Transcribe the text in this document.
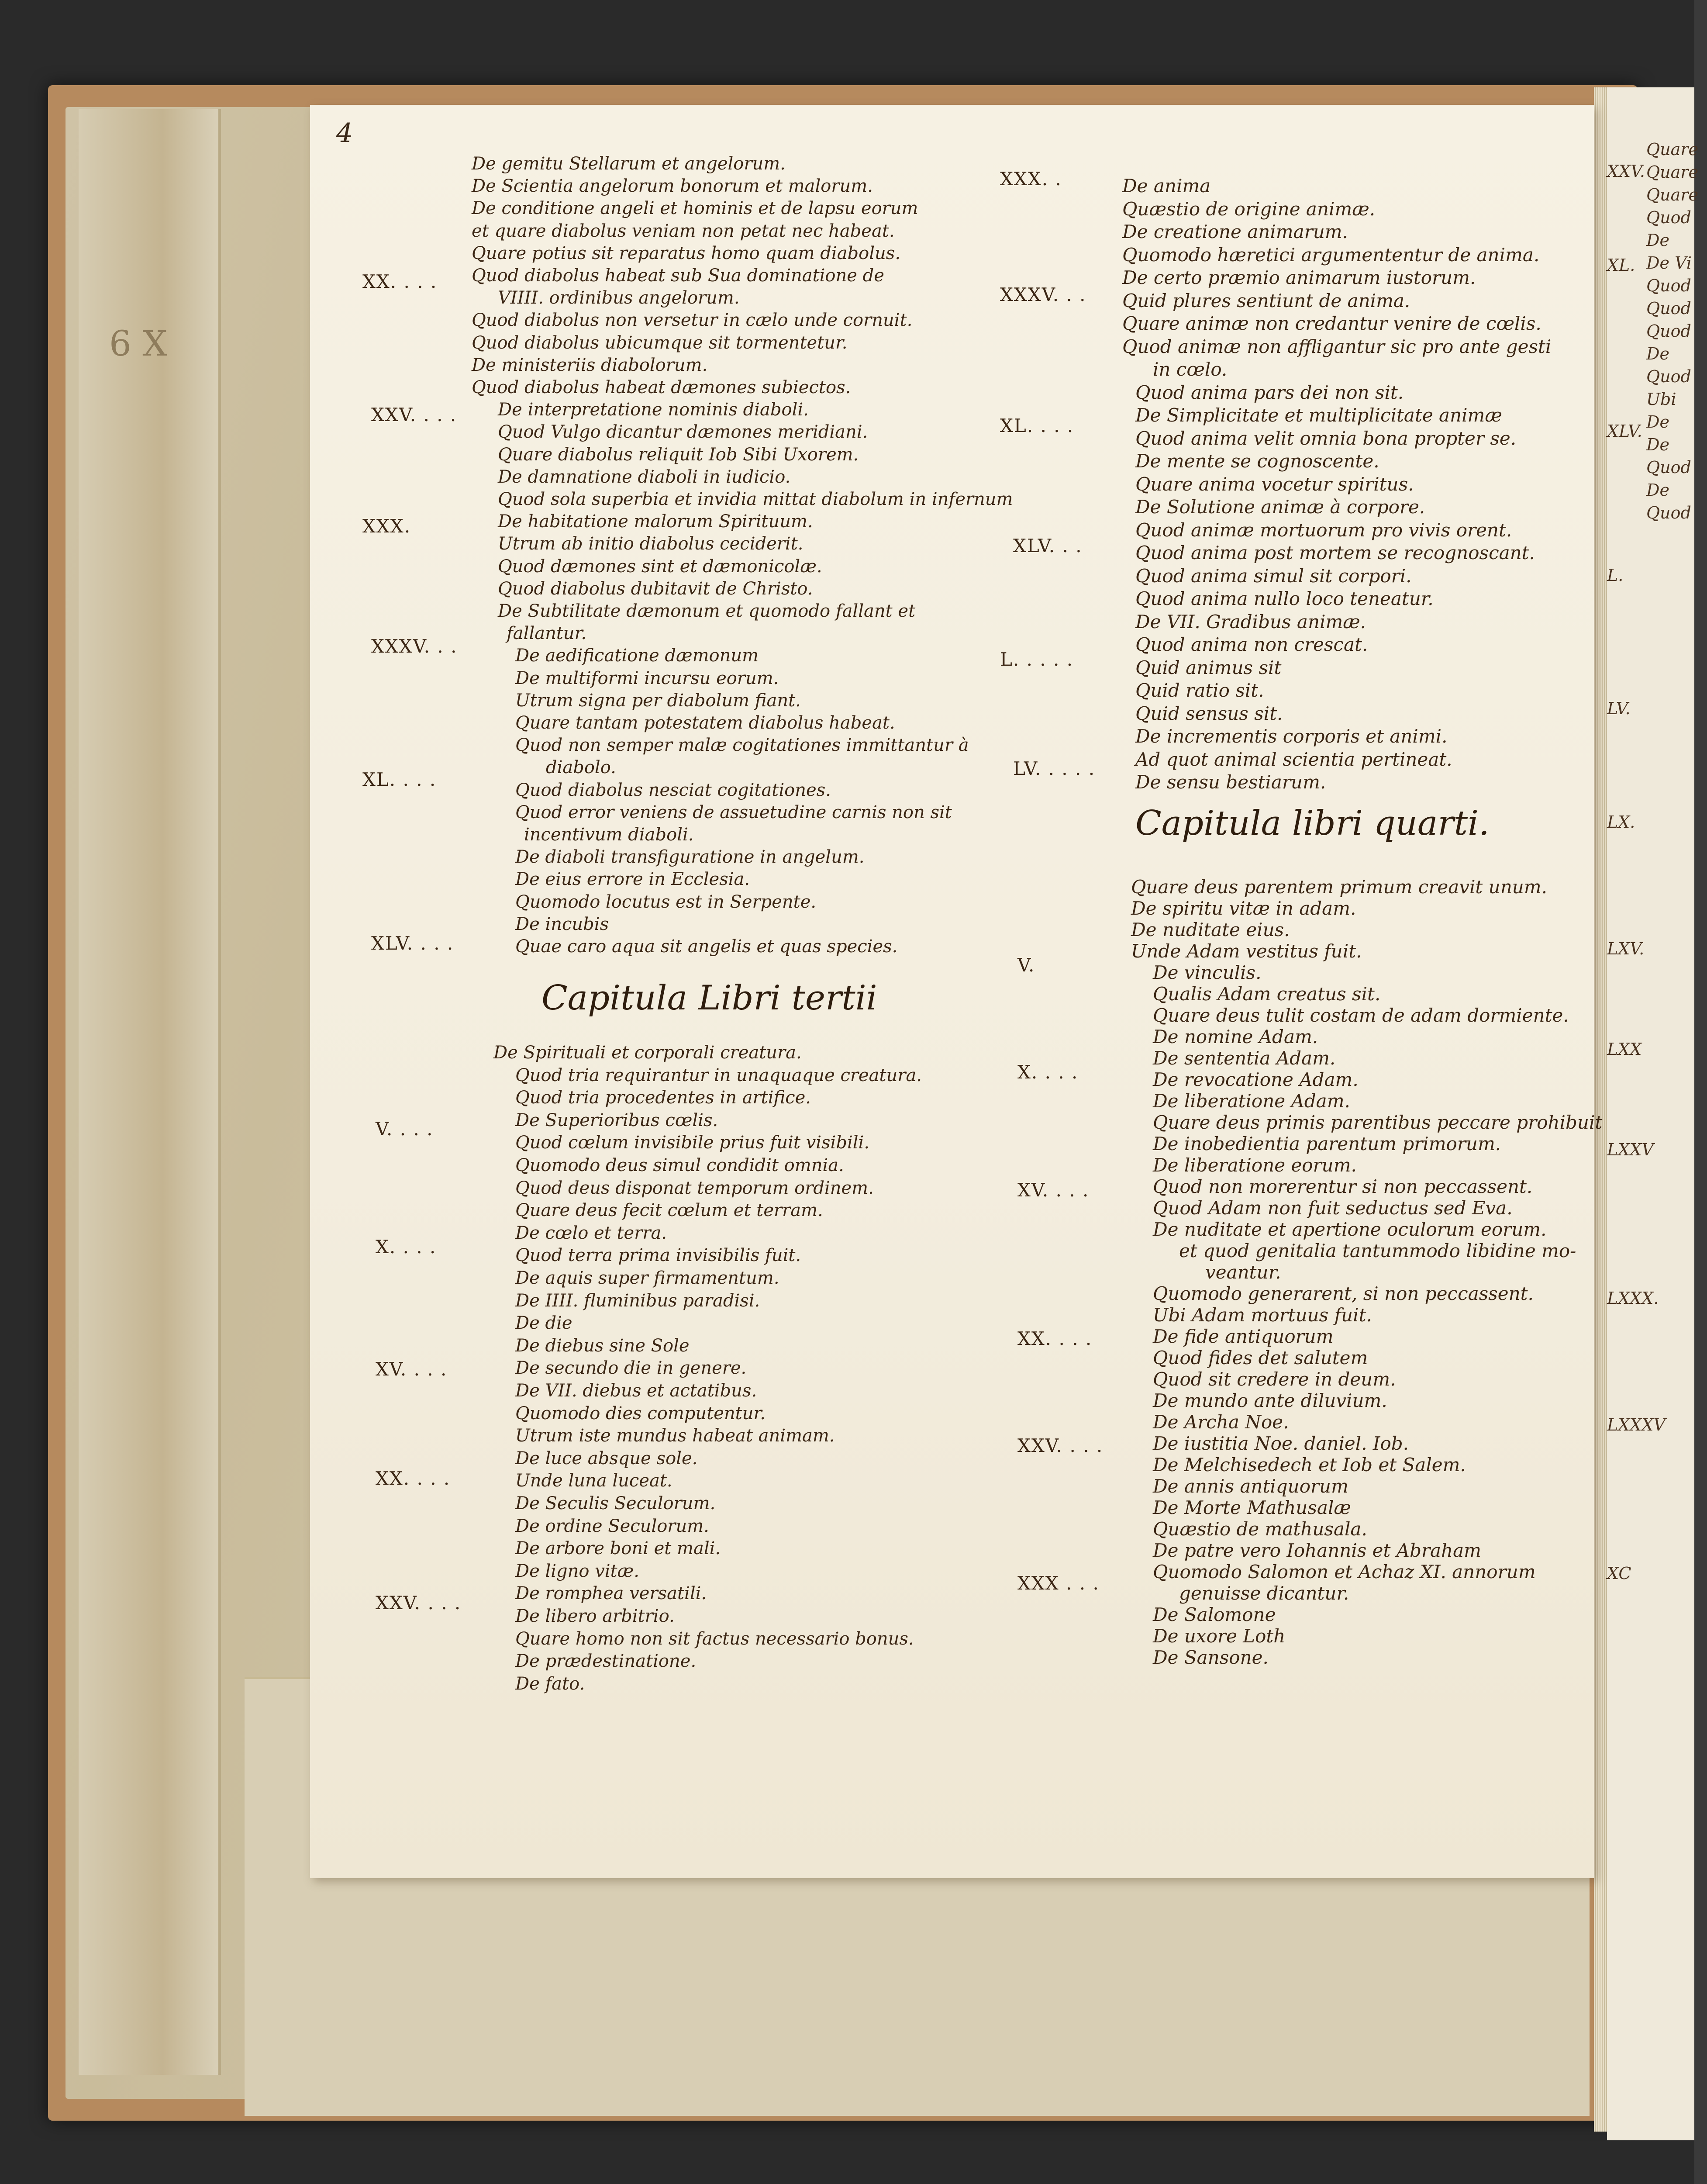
6 X
4
De gemitu Stellarum et angelorum.
De Scientia angelorum bonorum et malorum.
De conditione angeli et hominis et de lapsu eorum
et quare diabolus veniam non petat nec habeat.
Quare potius sit reparatus homo quam diabolus.
Quod diabolus habeat sub Sua dominatione de
VIIII. ordinibus angelorum.
Quod diabolus non versetur in cælo unde cornuit.
Quod diabolus ubicumque sit tormentetur.
De ministeriis diabolorum.
Quod diabolus habeat dæmones subiectos.
De interpretatione nominis diaboli.
Quod Vulgo dicantur dæmones meridiani.
Quare diabolus reliquit Iob Sibi Uxorem.
De damnatione diaboli in iudicio.
Quod sola superbia et invidia mittat diabolum in infernum
De habitatione malorum Spirituum.
Utrum ab initio diabolus ceciderit.
Quod dæmones sint et dæmonicolæ.
Quod diabolus dubitavit de Christo.
De Subtilitate dæmonum et quomodo fallant et
fallantur.
De aedificatione dæmonum
De multiformi incursu eorum.
Utrum signa per diabolum fiant.
Quare tantam potestatem diabolus habeat.
Quod non semper malæ cogitationes immittantur à
diabolo.
Quod diabolus nesciat cogitationes.
Quod error veniens de assuetudine carnis non sit
incentivum diaboli.
De diaboli transfiguratione in angelum.
De eius errore in Ecclesia.
Quomodo locutus est in Serpente.
De incubis
Quae caro aqua sit angelis et quas species.
XX. . . .
XXV. . . .
XXX.
XXXV. . .
XL. . . .
XLV. . . .
Capitula Libri tertii
De Spirituali et corporali creatura.
Quod tria requirantur in unaquaque creatura.
Quod tria procedentes in artifice.
De Superioribus cœlis.
Quod cœlum invisibile prius fuit visibili.
Quomodo deus simul condidit omnia.
Quod deus disponat temporum ordinem.
Quare deus fecit cœlum et terram.
De cœlo et terra.
Quod terra prima invisibilis fuit.
De aquis super firmamentum.
De IIII. fluminibus paradisi.
De die
De diebus sine Sole
De secundo die in genere.
De VII. diebus et actatibus.
Quomodo dies computentur.
Utrum iste mundus habeat animam.
De luce absque sole.
Unde luna luceat.
De Seculis Seculorum.
De ordine Seculorum.
De arbore boni et mali.
De ligno vitæ.
De romphea versatili.
De libero arbitrio.
Quare homo non sit factus necessario bonus.
De prædestinatione.
De fato.
V. . . .
X. . . .
XV. . . .
XX. . . .
XXV. . . .
De anima
Quæstio de origine animæ.
De creatione animarum.
Quomodo hæretici argumententur de anima.
De certo præmio animarum iustorum.
Quid plures sentiunt de anima.
Quare animæ non credantur venire de cœlis.
Quod animæ non affligantur sic pro ante gesti
in cœlo.
Quod anima pars dei non sit.
De Simplicitate et multiplicitate animæ
Quod anima velit omnia bona propter se.
De mente se cognoscente.
Quare anima vocetur spiritus.
De Solutione animæ à corpore.
Quod animæ mortuorum pro vivis orent.
Quod anima post mortem se recognoscant.
Quod anima simul sit corpori.
Quod anima nullo loco teneatur.
De VII. Gradibus animæ.
Quod anima non crescat.
Quid animus sit
Quid ratio sit.
Quid sensus sit.
De incrementis corporis et animi.
Ad quot animal scientia pertineat.
De sensu bestiarum.
XXX. .
XXXV. . .
XL. . . .
XLV. . .
L. . . . .
LV. . . . .
Capitula libri quarti.
Quare deus parentem primum creavit unum.
De spiritu vitæ in adam.
De nuditate eius.
Unde Adam vestitus fuit.
De vinculis.
Qualis Adam creatus sit.
Quare deus tulit costam de adam dormiente.
De nomine Adam.
De sententia Adam.
De revocatione Adam.
De liberatione Adam.
Quare deus primis parentibus peccare prohibuit
De inobedientia parentum primorum.
De liberatione eorum.
Quod non morerentur si non peccassent.
Quod Adam non fuit seductus sed Eva.
De nuditate et apertione oculorum eorum.
et quod genitalia tantummodo libidine mo-
veantur.
Quomodo generarent, si non peccassent.
Ubi Adam mortuus fuit.
De fide antiquorum
Quod fides det salutem
Quod sit credere in deum.
De mundo ante diluvium.
De Archa Noe.
De iustitia Noe. daniel. Iob.
De Melchisedech et Iob et Salem.
De annis antiquorum
De Morte Mathusalæ
Quæstio de mathusala.
De patre vero Iohannis et Abraham
Quomodo Salomon et Achaz XI. annorum
genuisse dicantur.
De Salomone
De uxore Loth
De Sansone.
V.
X. . . .
XV. . . .
XX. . . .
XXV. . . .
XXX . . .
XXV.
XL.
XLV.
L.
LV.
LX.
LXV.
LXX
LXXV
LXXX.
LXXXV
XC
Quare
Quare
Quare
Quod
De
De Vi
Quod
Quod
Quod
De
Quod
Ubi
De
De
Quod
De
Quod
